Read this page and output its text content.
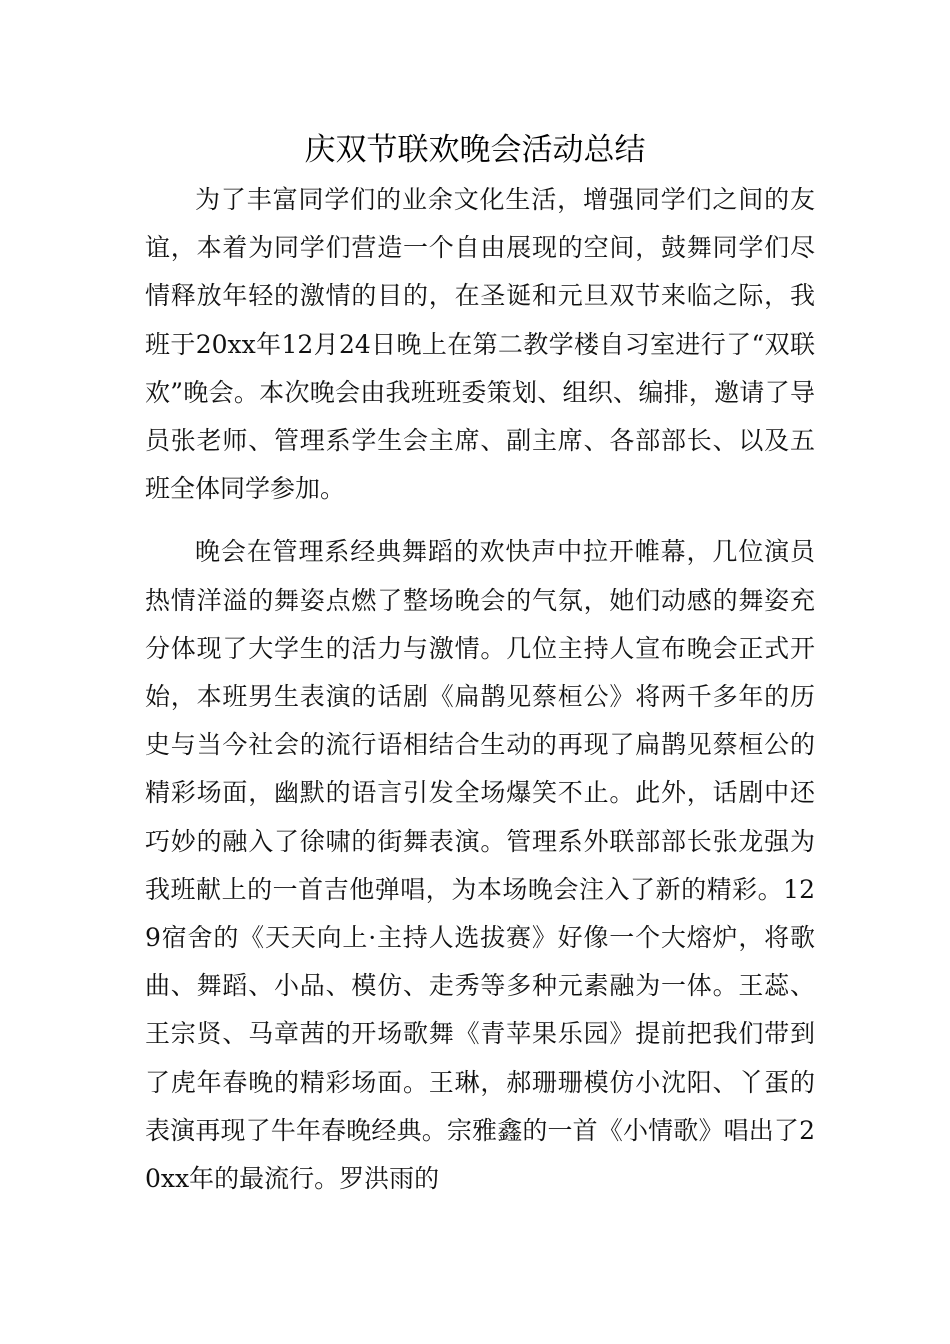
庆双节联欢晚会活动总结

为了丰富同学们的业余文化生活，增强同学们之间的友谊，本着为同学们营造一个自由展现的空间，鼓舞同学们尽情释放年轻的激情的目的，在圣诞和元旦双节来临之际，我班于20xx年12月24日晚上在第二教学楼自习室进行了“双联欢”晚会。本次晚会由我班班委策划、组织、编排，邀请了导员张老师、管理系学生会主席、副主席、各部部长、以及五班全体同学参加。

晚会在管理系经典舞蹈的欢快声中拉开帷幕，几位演员热情洋溢的舞姿点燃了整场晚会的气氛，她们动感的舞姿充分体现了大学生的活力与激情。几位主持人宣布晚会正式开始，本班男生表演的话剧《扁鹊见蔡桓公》将两千多年的历史与当今社会的流行语相结合生动的再现了扁鹊见蔡桓公的精彩场面，幽默的语言引发全场爆笑不止。此外，话剧中还巧妙的融入了徐啸的街舞表演。管理系外联部部长张龙强为我班献上的一首吉他弹唱，为本场晚会注入了新的精彩。129宿舍的《天天向上·主持人选拔赛》好像一个大熔炉，将歌曲、舞蹈、小品、模仿、走秀等多种元素融为一体。王蕊、王宗贤、马章茜的开场歌舞《青苹果乐园》提前把我们带到了虎年春晚的精彩场面。王琳，郝珊珊模仿小沈阳、丫蛋的表演再现了牛年春晚经典。宗雅鑫的一首《小情歌》唱出了20xx年的最流行。罗洪雨的
